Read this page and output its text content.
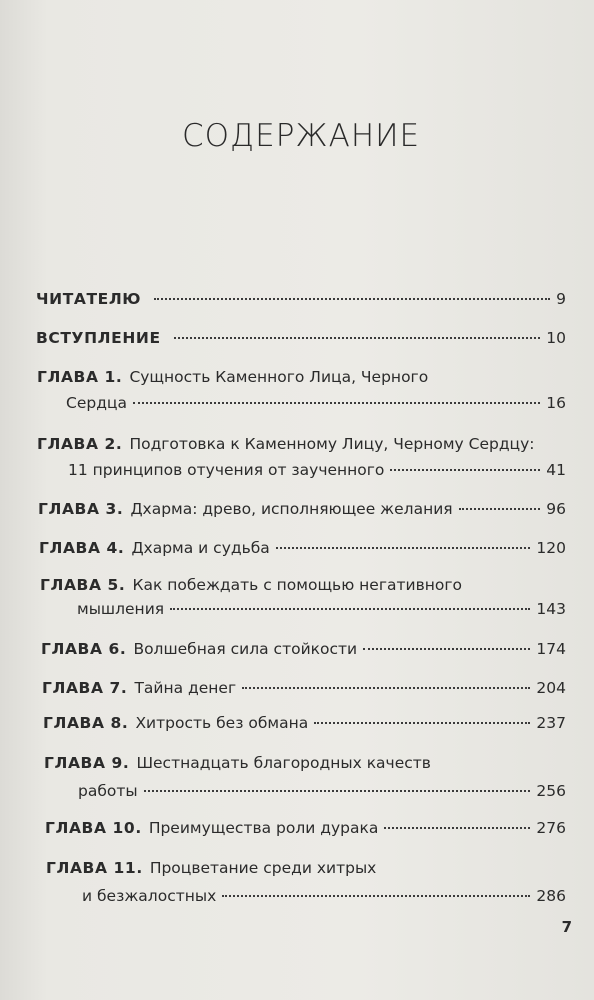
СОДЕРЖАНИЕ
ЧИТАТЕЛЮ	9
ВСТУПЛЕНИЕ	10
ГЛАВА 1. Сущность Каменного Лица, Черного
Сердца	16
ГЛАВА 2. Подготовка к Каменному Лицу, Черному Сердцу:
11 принципов отучения от заученного	41
ГЛАВА 3. Дхарма: древо, исполняющее желания	96
ГЛАВА 4. Дхарма и судьба	120
ГЛАВА 5. Как побеждать с помощью негативного
мышления	143
ГЛАВА 6. Волшебная сила стойкости	174
ГЛАВА 7. Тайна денег	204
ГЛАВА 8. Хитрость без обмана	237
ГЛАВА 9. Шестнадцать благородных качеств
работы	256
ГЛАВА 10. Преимущества роли дурака	276
ГЛАВА 11. Процветание среди хитрых
и безжалостных	286
7
